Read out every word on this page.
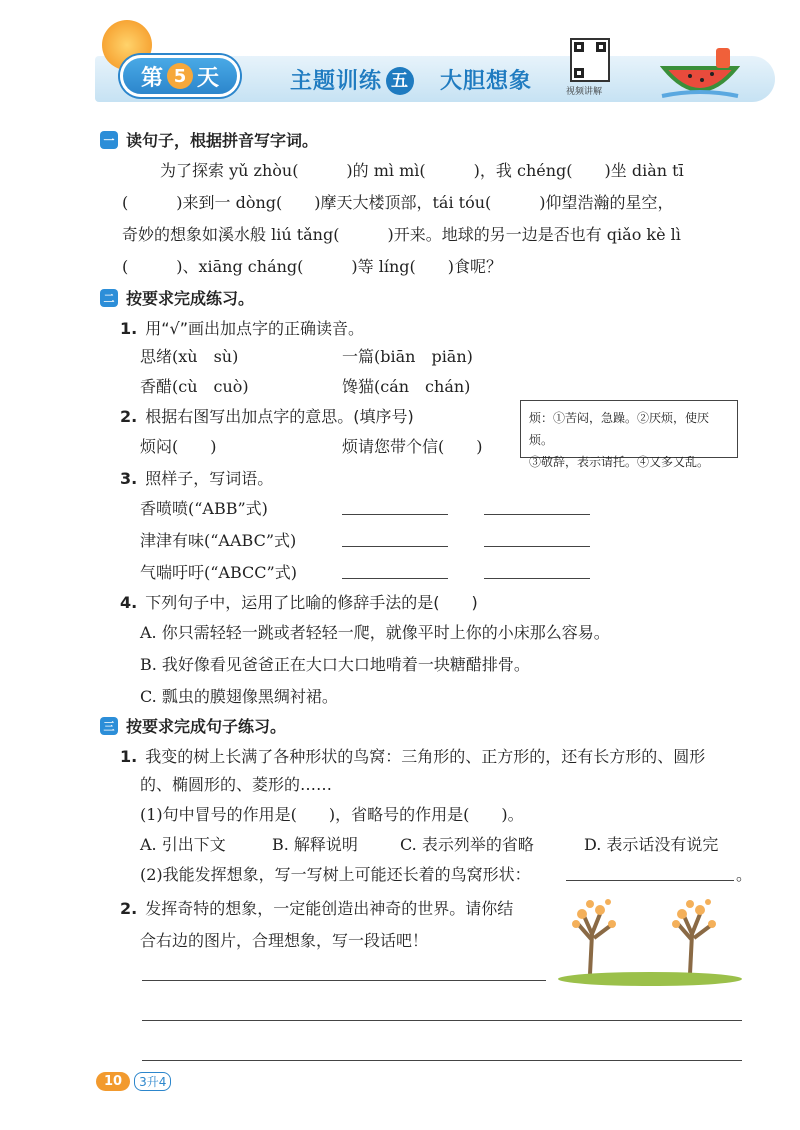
第 5 天	主题训练 五 大胆想象	视频讲解
一 读句子，根据拼音写字词。
为了探索 yǔ zhòu(　　　)的 mì mì(　　　)，我 chéng(　　)坐 diàn tī
(　　　)来到一 dòng(　　)摩天大楼顶部，tái tóu(　　　)仰望浩瀚的星空，
奇妙的想象如溪水般 liú tǎng(　　　)开来。地球的另一边是否也有 qiǎo kè lì
(　　　)、xiāng cháng(　　　)等 líng(　　)食呢？
二 按要求完成练习。
1. 用“√”画出加点字的正确读音。
思绪(xù　sù)	一篇(biān　piān)
香醋(cù　cuò)	馋猫(cán　chán)
2. 根据右图写出加点字的意思。(填序号)
烦闷(　　)	烦请您带个信(　　)
烦：①苦闷，急躁。②厌烦，使厌烦。
③敬辞，表示请托。④又多又乱。
3. 照样子，写词语。
香喷喷(“ABB”式)
津津有味(“AABC”式)
气喘吁吁(“ABCC”式)
4. 下列句子中，运用了比喻的修辞手法的是(　　)
A. 你只需轻轻一跳或者轻轻一爬，就像平时上你的小床那么容易。
B. 我好像看见爸爸正在大口大口地啃着一块糖醋排骨。
C. 瓢虫的膜翅像黑绸衬裙。
三 按要求完成句子练习。
1. 我变的树上长满了各种形状的鸟窝：三角形的、正方形的，还有长方形的、圆形
的、椭圆形的、菱形的……
(1)句中冒号的作用是(　　)，省略号的作用是(　　)。
A. 引出下文	B. 解释说明	C. 表示列举的省略	D. 表示话没有说完
(2)我能发挥想象，写一写树上可能还长着的鸟窝形状：	。
2. 发挥奇特的想象，一定能创造出神奇的世界。请你结
合右边的图片，合理想象，写一段话吧！
10	3升4
